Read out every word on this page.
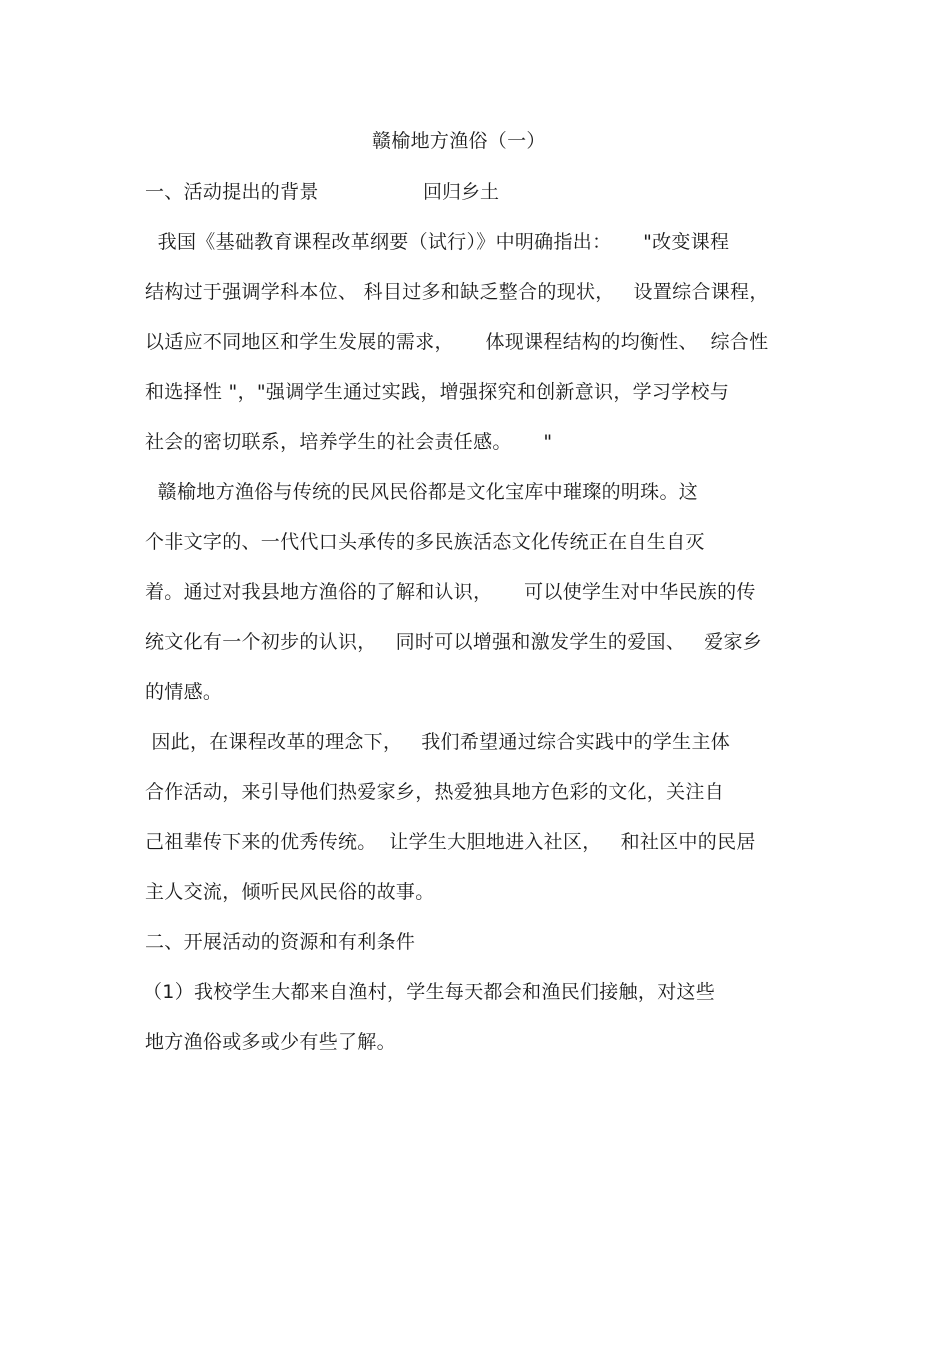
赣榆地方渔俗（一）
一、活动提出的背景	回归乡土
我国《基础教育课程改革纲要（试行）》中明确指出：     "改变课程
结构过于强调学科本位、 科目过多和缺乏整合的现状，   设置综合课程，
以适应不同地区和学生发展的需求，     体现课程结构的均衡性、  综合性
和选择性 "，"强调学生通过实践，增强探究和创新意识，学习学校与
社会的密切联系，培养学生的社会责任感。     "
赣榆地方渔俗与传统的民风民俗都是文化宝库中璀璨的明珠。这
个非文字的、一代代口头承传的多民族活态文化传统正在自生自灭
着。通过对我县地方渔俗的了解和认识，     可以使学生对中华民族的传
统文化有一个初步的认识，   同时可以增强和激发学生的爱国、   爱家乡
的情感。
因此，在课程改革的理念下，   我们希望通过综合实践中的学生主体
合作活动，来引导他们热爱家乡，热爱独具地方色彩的文化，关注自
己祖辈传下来的优秀传统。  让学生大胆地进入社区，   和社区中的民居
主人交流，倾听民风民俗的故事。
二、开展活动的资源和有利条件
（1）我校学生大都来自渔村，学生每天都会和渔民们接触，对这些
地方渔俗或多或少有些了解。
